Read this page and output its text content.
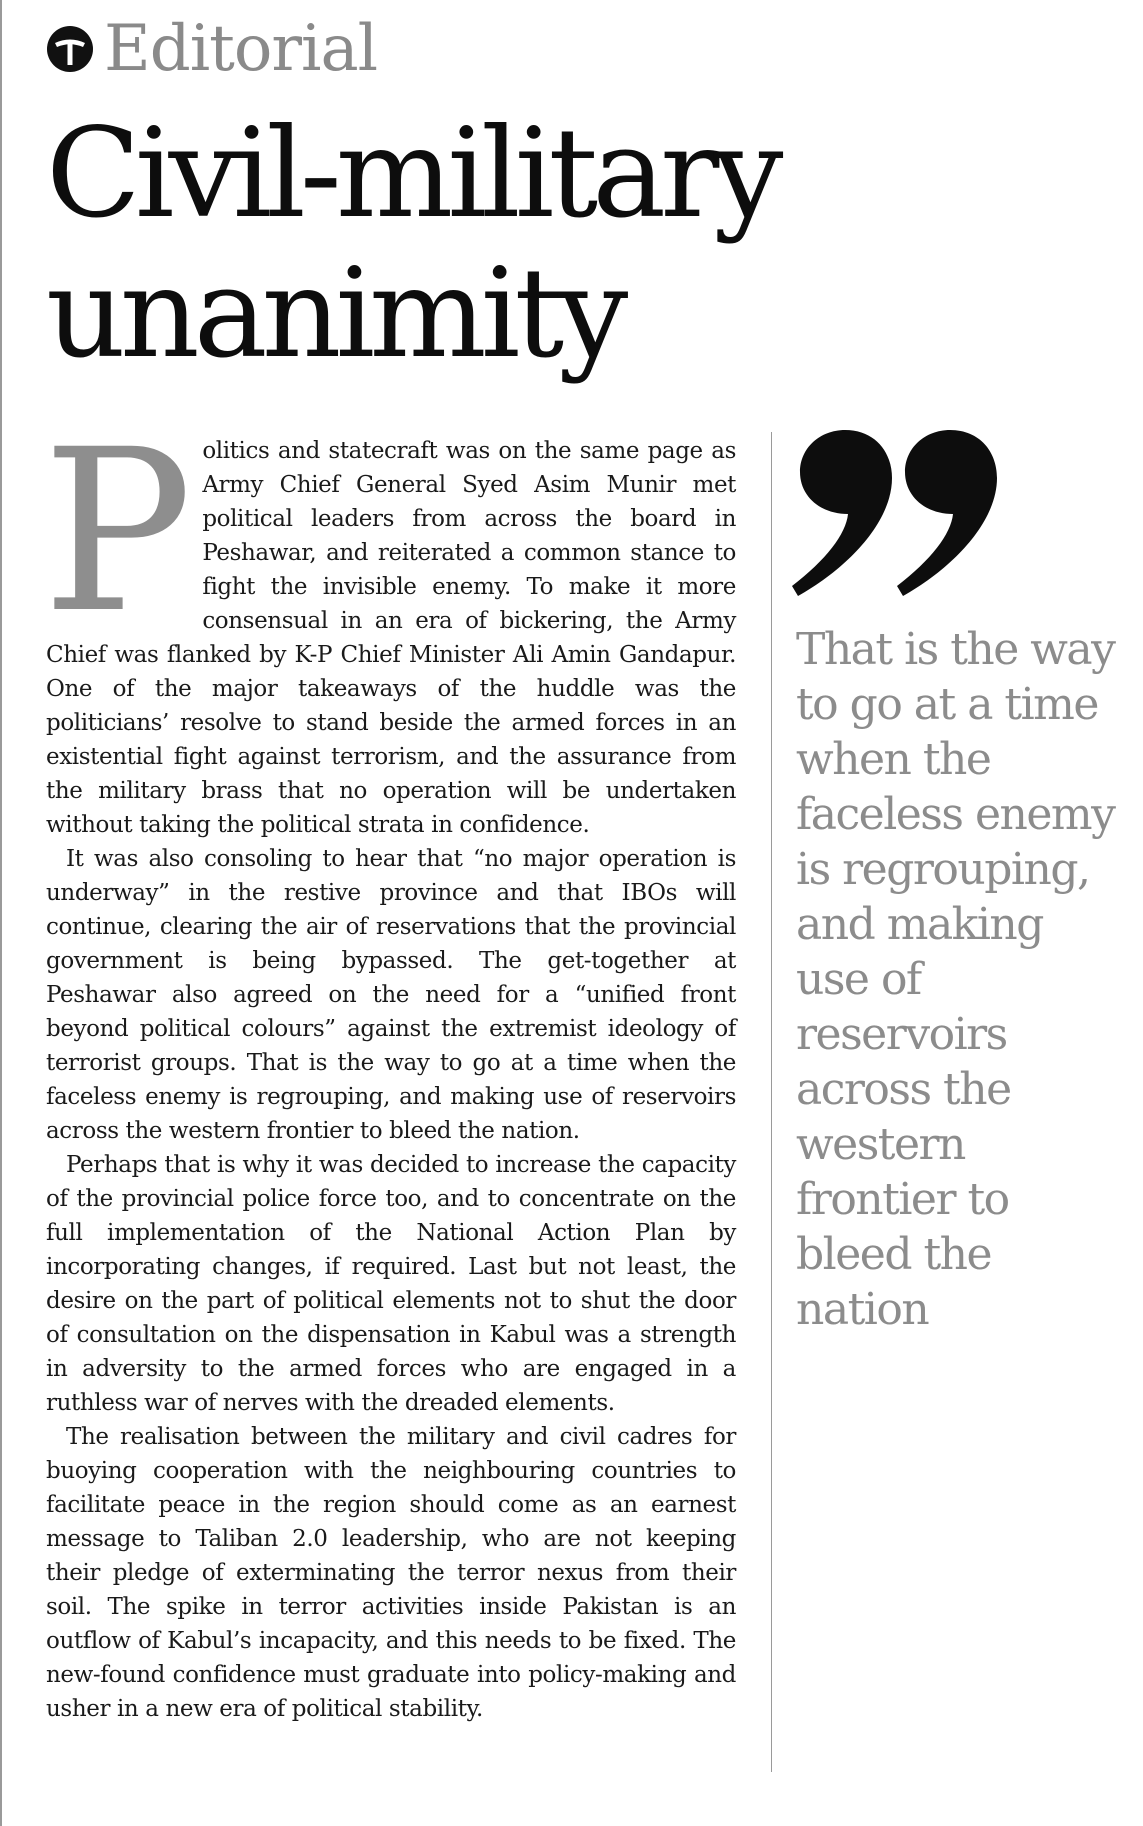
Editorial
Civil-military unanimity

Politics and statecraft was on the same page as Army Chief General Syed Asim Munir met political leaders from across the board in Peshawar, and reiterated a common stance to fight the invisible enemy. To make it more consensual in an era of bickering, the Army Chief was flanked by K-P Chief Minister Ali Amin Gandapur. One of the major takeaways of the huddle was the politicians’ resolve to stand beside the armed forces in an existential fight against terrorism, and the assurance from the military brass that no operation will be undertaken without taking the political strata in confidence.

It was also consoling to hear that “no major operation is underway” in the restive province and that IBOs will continue, clearing the air of reservations that the provincial government is being bypassed. The get-together at Peshawar also agreed on the need for a “unified front beyond political colours” against the extremist ideology of terrorist groups. That is the way to go at a time when the faceless enemy is regrouping, and making use of reservoirs across the western frontier to bleed the nation.

Perhaps that is why it was decided to increase the capacity of the provincial police force too, and to concentrate on the full implementation of the National Action Plan by incorporating changes, if required. Last but not least, the desire on the part of political elements not to shut the door of consultation on the dispensation in Kabul was a strength in adversity to the armed forces who are engaged in a ruthless war of nerves with the dreaded elements.

The realisation between the military and civil cadres for buoying cooperation with the neighbouring countries to facilitate peace in the region should come as an earnest message to Taliban 2.0 leadership, who are not keeping their pledge of exterminating the terror nexus from their soil. The spike in terror activities inside Pakistan is an outflow of Kabul’s incapacity, and this needs to be fixed. The new-found confidence must graduate into policy-making and usher in a new era of political stability.

That is the way to go at a time when the faceless enemy is regrouping, and making use of reservoirs across the western frontier to bleed the nation
